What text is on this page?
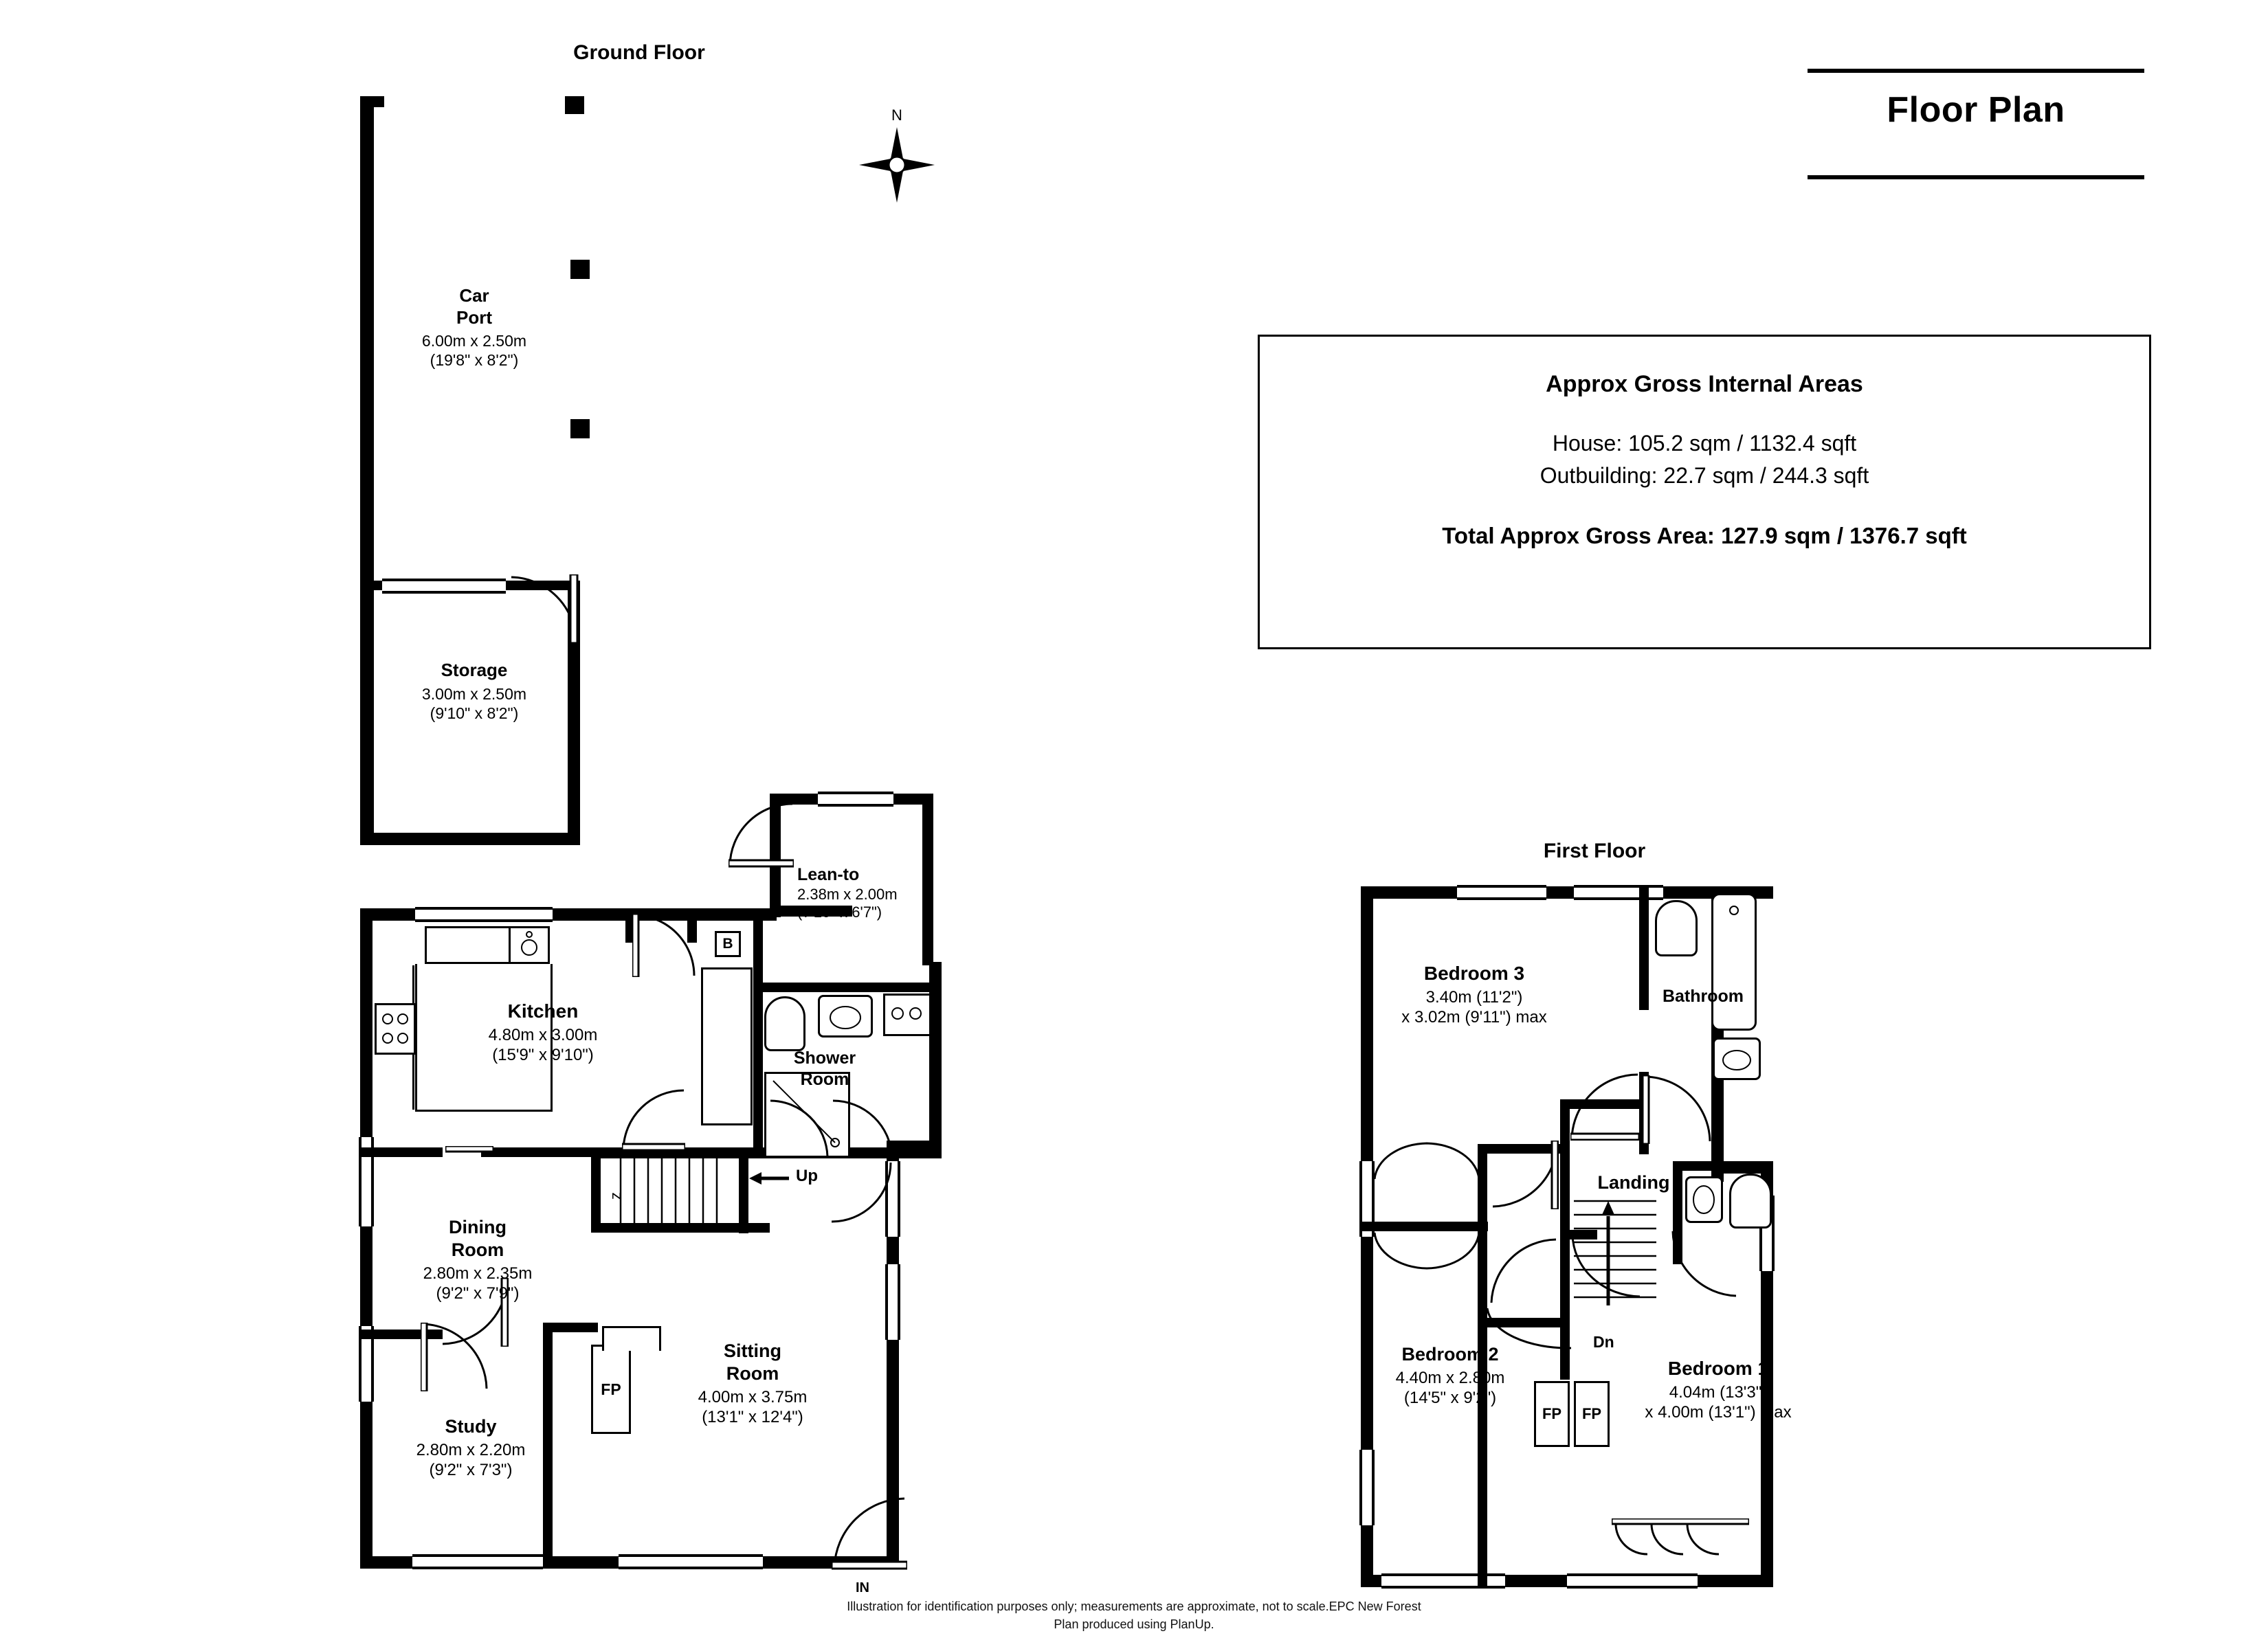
Floor Plan
Approx Gross Internal Areas
House: 105.2 sqm / 1132.4 sqft
Outbuilding: 22.7 sqm / 244.3 sqft
Total Approx Gross Area: 127.9 sqm / 1376.7 sqft
Ground Floor
First Floor
N
Car
Port
6.00m x 2.50m
(19'8" x 8'2")
Storage
3.00m x 2.50m
(9'10" x 8'2")
Lean-to
2.38m x 2.00m
(7'10" x 6'7")
B
z
Up
FP
IN
Kitchen
4.80m x 3.00m
(15'9" x 9'10")	Shower
Room
Dining
Room
2.80m x 2.35m
(9'2" x 7'9")
Sitting
Room
4.00m x 3.75m
(13'1" x 12'4")
Study
2.80m x 2.20m
(9'2" x 7'3")
Dn
FP	FP
Bedroom 3
3.40m (11'2")
x 3.02m (9'11") max
Bathroom
Landing
Bedroom 2
4.40m x 2.80m
(14'5" x 9'2")
Bedroom 1
4.04m (13'3")
x 4.00m (13'1") max
Illustration for identification purposes only; measurements are approximate, not to scale.EPC New Forest
Plan produced using PlanUp.
